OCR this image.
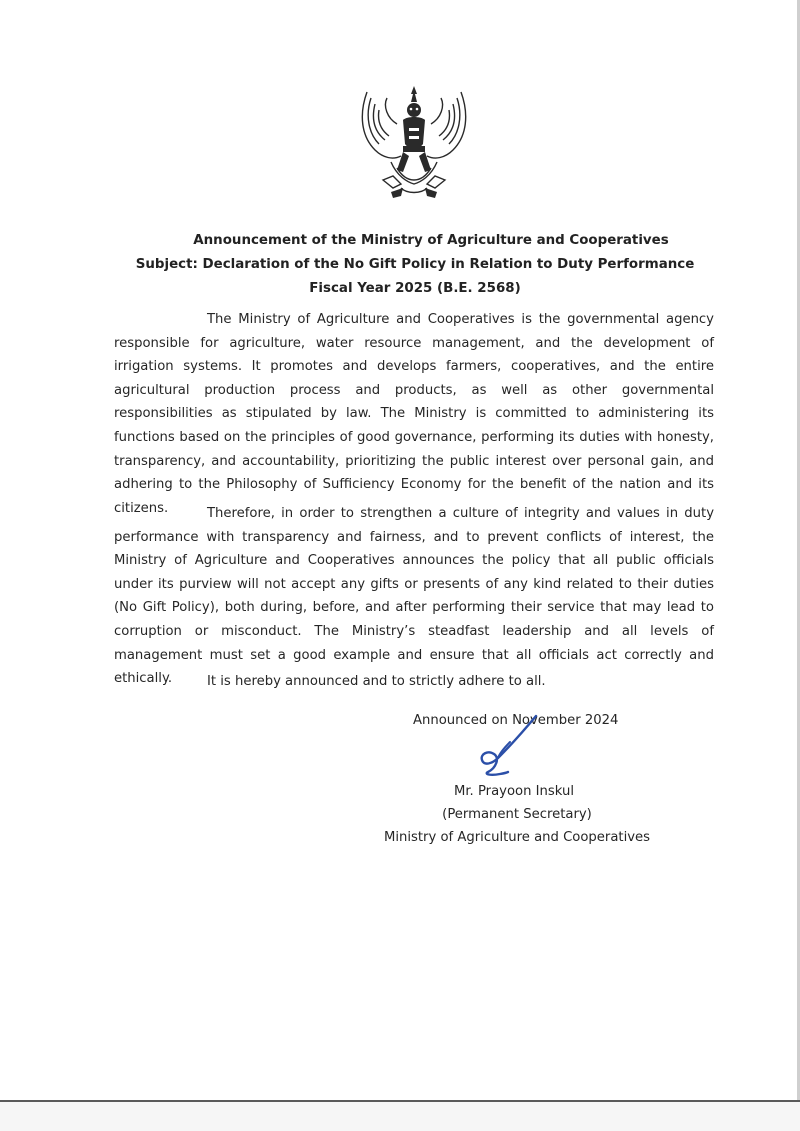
Announcement of the Ministry of Agriculture and Cooperatives
Subject: Declaration of the No Gift Policy in Relation to Duty Performance
Fiscal Year 2025 (B.E. 2568)
The Ministry of Agriculture and Cooperatives is the governmental agency responsible for agriculture, water resource management, and the development of irrigation systems. It promotes and develops farmers, cooperatives, and the entire agricultural production process and products, as well as other governmental responsibilities as stipulated by law. The Ministry is committed to administering its functions based on the principles of good governance, performing its duties with honesty, transparency, and accountability, prioritizing the public interest over personal gain, and adhering to the Philosophy of Sufficiency Economy for the benefit of the nation and its citizens.	Therefore, in order to strengthen a culture of integrity and values in duty performance with transparency and fairness, and to prevent conflicts of interest, the Ministry of Agriculture and Cooperatives announces the policy that all public officials under its purview will not accept any gifts or presents of any kind related to their duties (No Gift Policy), both during, before, and after performing their service that may lead to corruption or misconduct. The Ministry’s steadfast leadership and all levels of management must set a good example and ensure that all officials act correctly and ethically.	It is hereby announced and to strictly adhere to all.
Announced on November 2024
Mr. Prayoon Inskul
(Permanent Secretary)
Ministry of Agriculture and Cooperatives
